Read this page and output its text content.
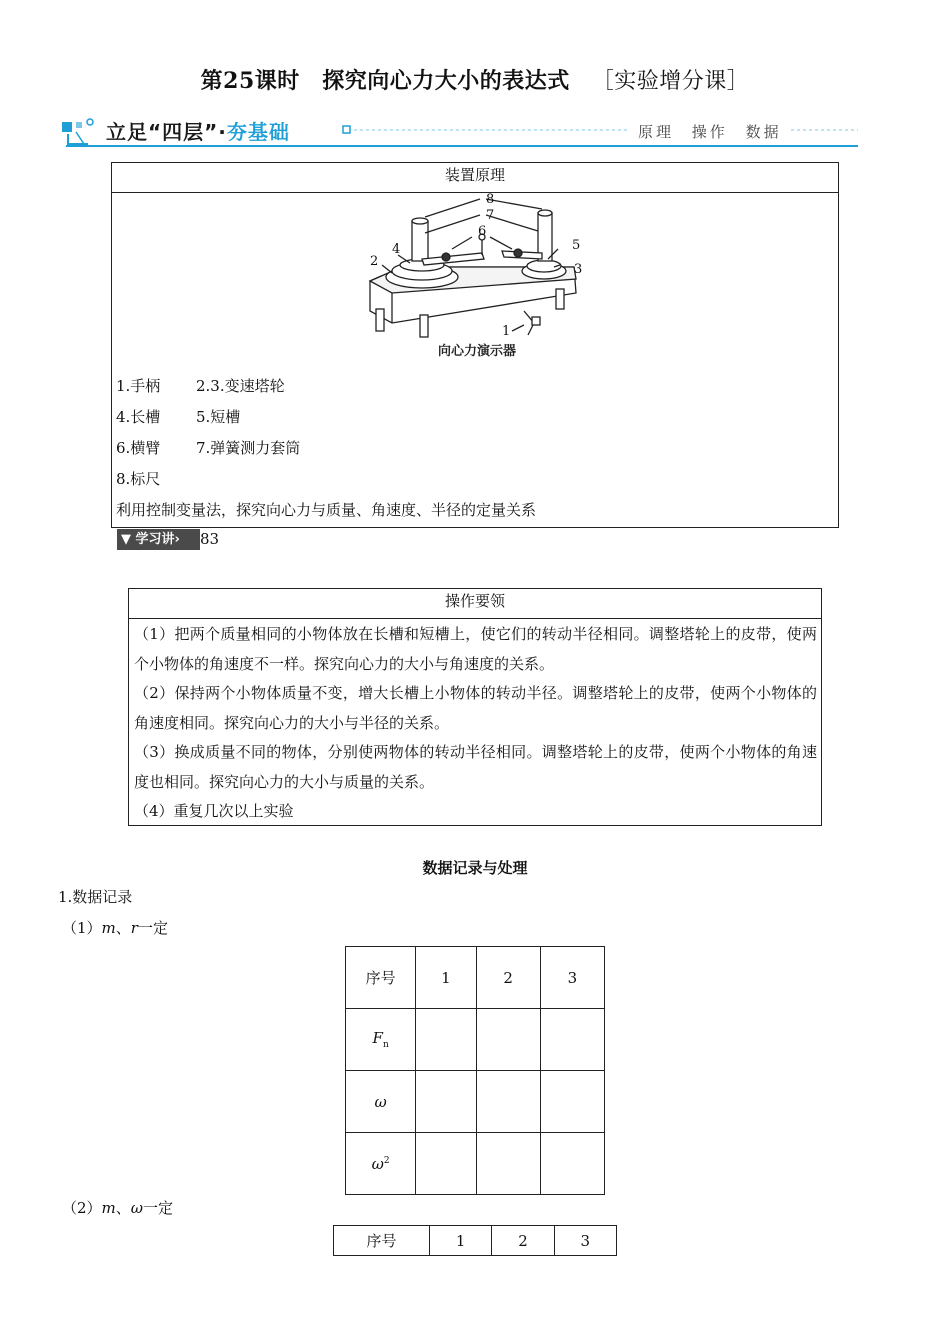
第25课时　探究向心力大小的表达式 ［实验增分课］
立足“四层”·夯基础	原理 操作 数据
装置原理
8
7
6
4
2
5
3
1
向心力演示器
1.手柄 2.3.变速塔轮
4.长槽 5.短槽
6.横臂 7.弹簧测力套筒
8.标尺
利用控制变量法，探究向心力与质量、角速度、半径的定量关系
▼ 学习讲›	83
操作要领
（1）把两个质量相同的小物体放在长槽和短槽上，使它们的转动半径相同。调整塔轮上的皮带，使两个小物体的角速度不一样。探究向心力的大小与角速度的关系。
（2）保持两个小物体质量不变，增大长槽上小物体的转动半径。调整塔轮上的皮带，使两个小物体的角速度相同。探究向心力的大小与半径的关系。
（3）换成质量不同的物体，分别使两物体的转动半径相同。调整塔轮上的皮带，使两个小物体的角速度也相同。探究向心力的大小与质量的关系。
（4）重复几次以上实验
数据记录与处理
1.数据记录
（1）m、r一定
序号	1	2	3
$F_n$			
ω			
$\omega^2$			
（2）m、ω一定
序号	1	2	3
